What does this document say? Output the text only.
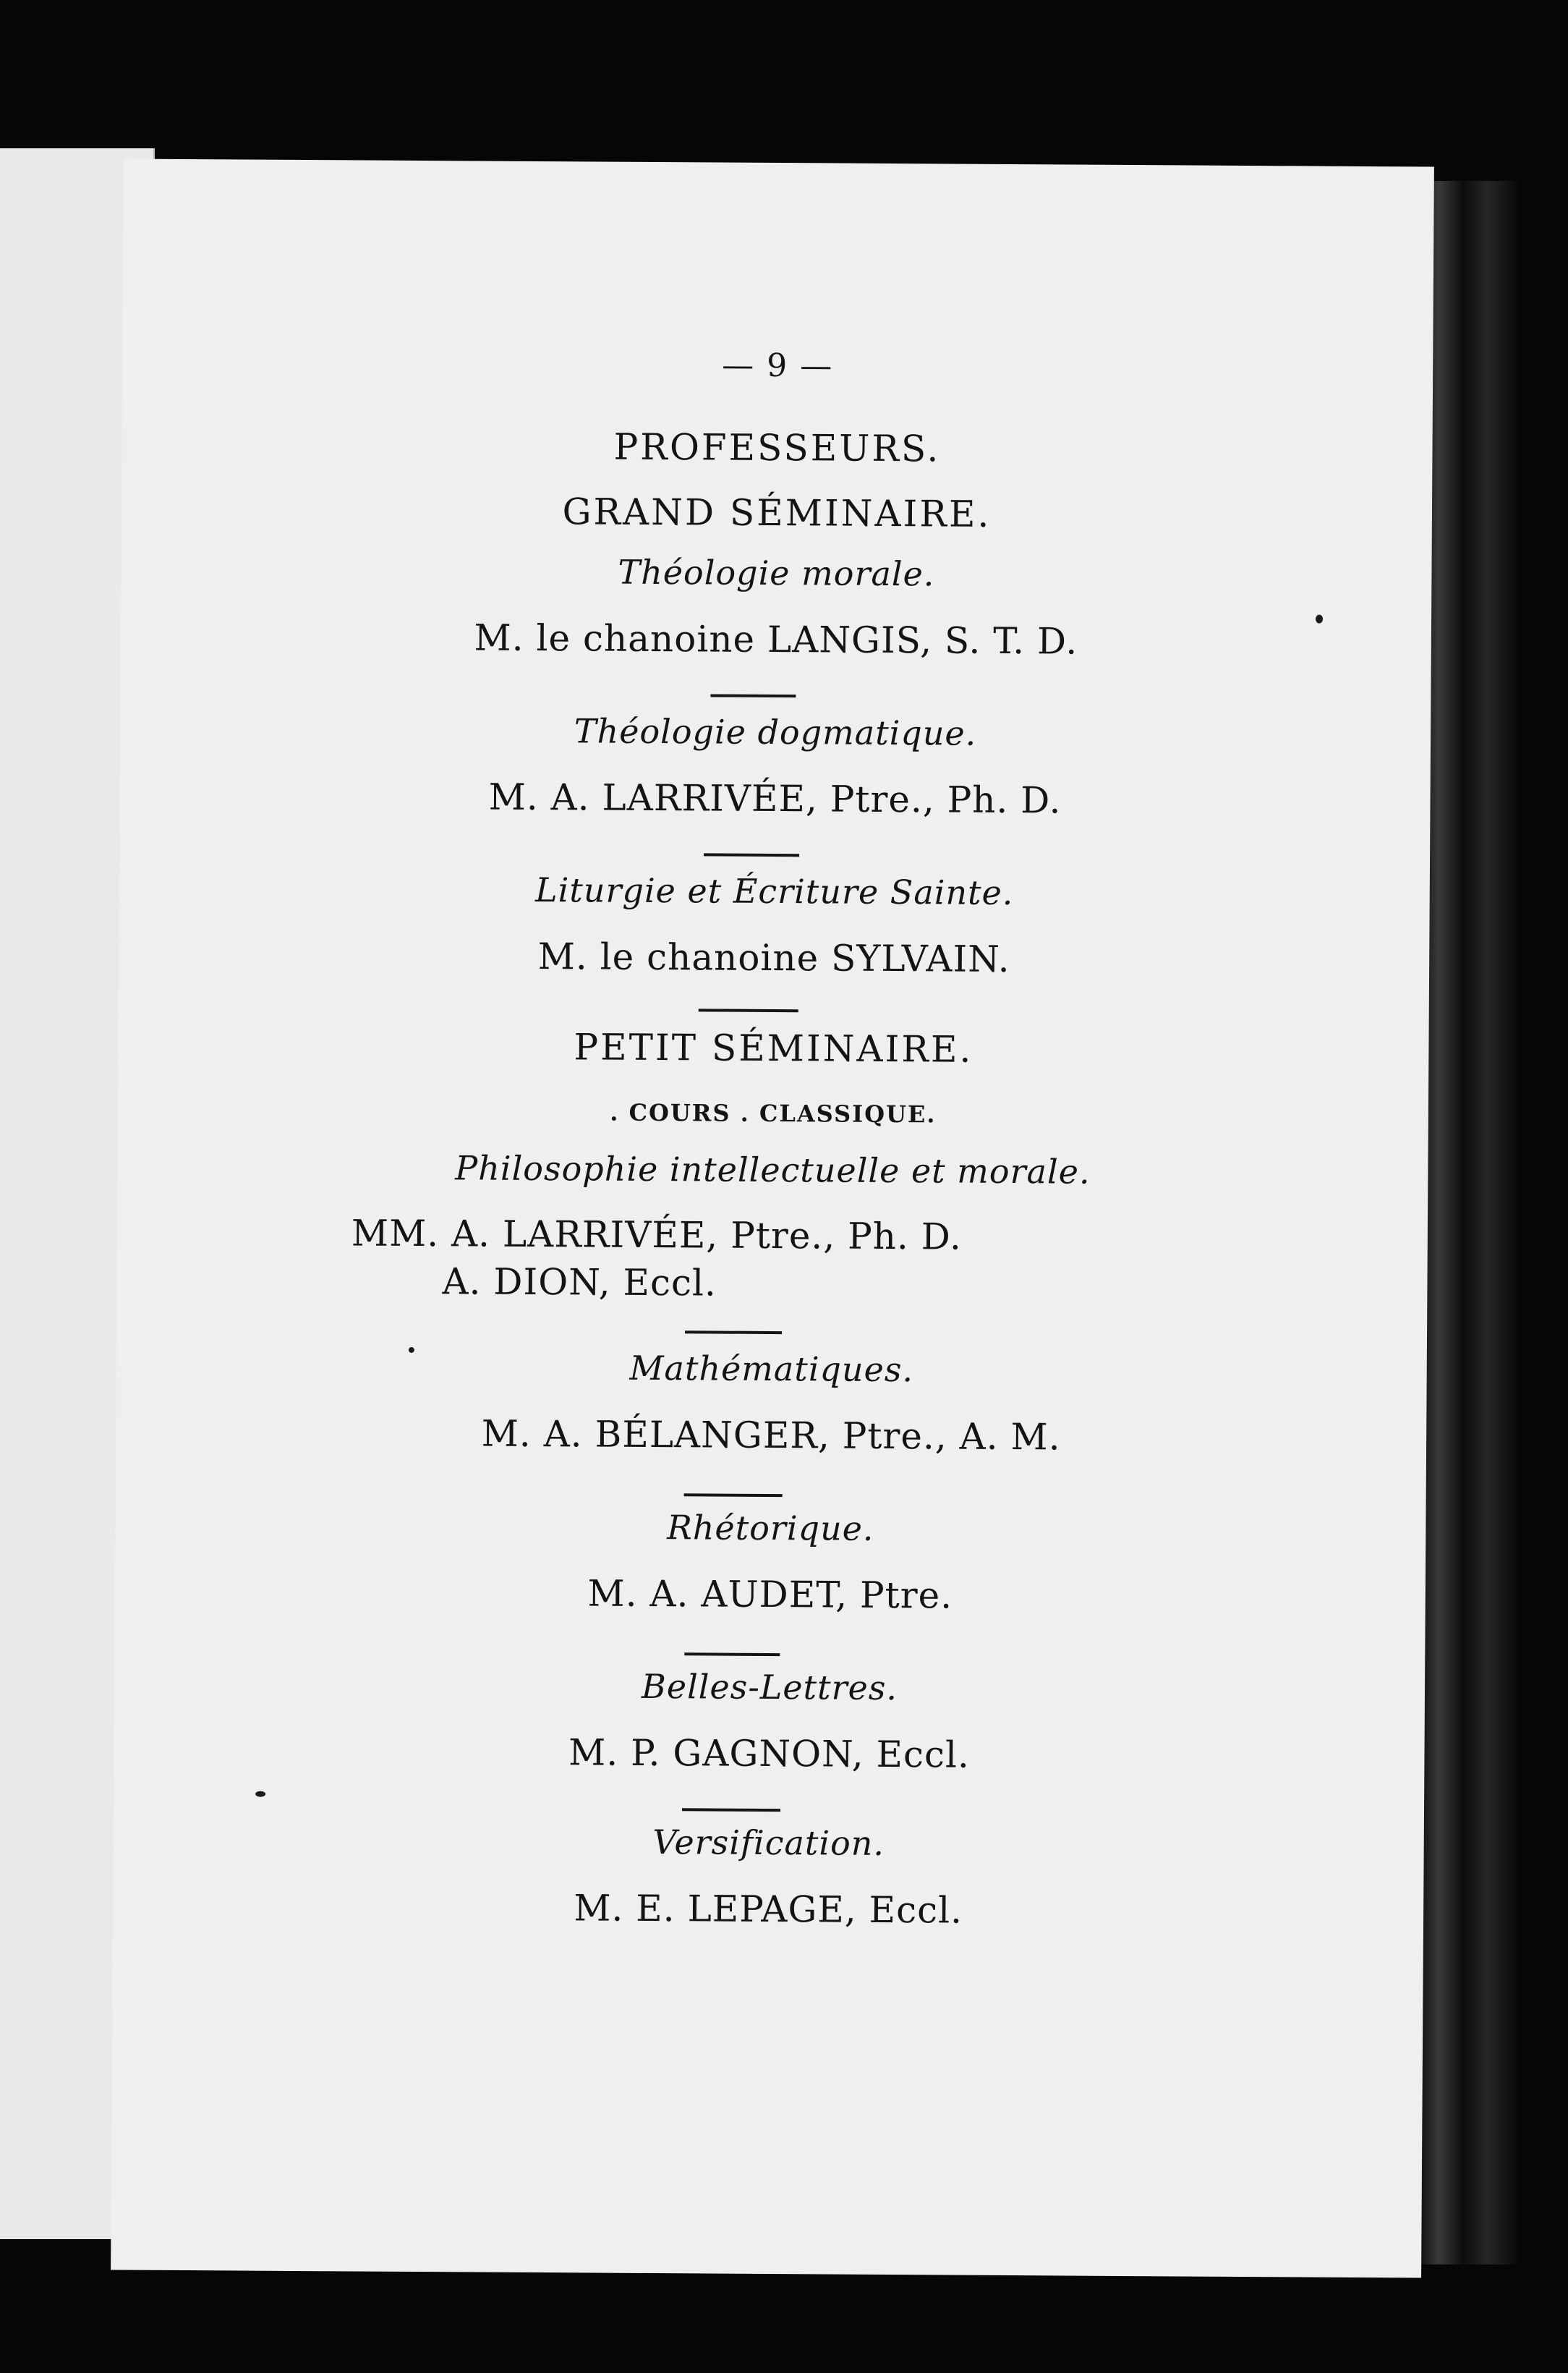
— 9 —
PROFESSEURS.
GRAND SÉMINAIRE.
Théologie morale.
M. le chanoine LANGIS, S. T. D.
Théologie dogmatique.
M. A. LARRIVÉE, Ptre., Ph. D.
Liturgie et Écriture Sainte.
M. le chanoine SYLVAIN.
PETIT SÉMINAIRE.
. COURS . CLASSIQUE.
Philosophie intellectuelle et morale.
MM. A. LARRIVÉE, Ptre., Ph. D.
A. DION, Eccl.
Mathématiques.
M. A. BÉLANGER, Ptre., A. M.
Rhétorique.
M. A. AUDET, Ptre.
Belles-Lettres.
M. P. GAGNON, Eccl.
Versification.
M. E. LEPAGE, Eccl.
